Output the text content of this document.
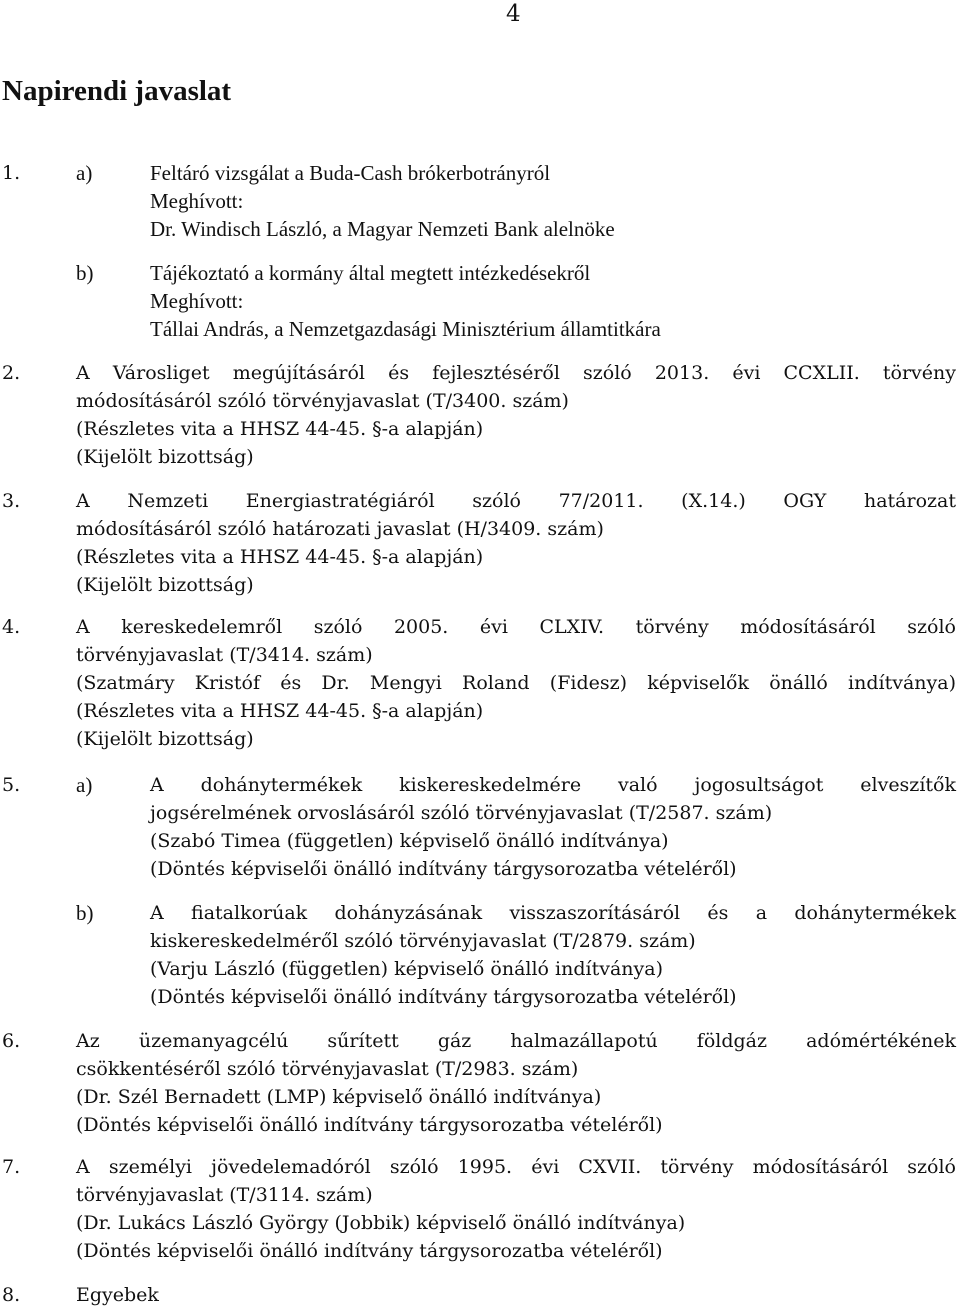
4
Napirendi javaslat
1.	a)	Feltáró vizsgálat a Buda-Cash brókerbotrányról
Meghívott:
Dr. Windisch László, a Magyar Nemzeti Bank alelnöke
b)	Tájékoztató a kormány által megtett intézkedésekről
Meghívott:
Tállai András, a Nemzetgazdasági Minisztérium államtitkára
2.	A Városliget megújításáról és fejlesztéséről szóló 2013. évi CCXLII. törvény
módosításáról szóló törvényjavaslat (T/3400. szám)
(Részletes vita a HHSZ 44-45. §-a alapján)
(Kijelölt bizottság)
3.	A Nemzeti Energiastratégiáról szóló 77/2011. (X.14.) OGY határozat
módosításáról szóló határozati javaslat (H/3409. szám)
(Részletes vita a HHSZ 44-45. §-a alapján)
(Kijelölt bizottság)
4.	A kereskedelemről szóló 2005. évi CLXIV. törvény módosításáról szóló
törvényjavaslat (T/3414. szám)
(Szatmáry Kristóf és Dr. Mengyi Roland (Fidesz) képviselők önálló indítványa)
(Részletes vita a HHSZ 44-45. §-a alapján)
(Kijelölt bizottság)
5.	a)	A dohánytermékek kiskereskedelmére való jogosultságot elveszítők
jogsérelmének orvoslásáról szóló törvényjavaslat (T/2587. szám)
(Szabó Timea (független) képviselő önálló indítványa)
(Döntés képviselői önálló indítvány tárgysorozatba vételéről)
b)	A fiatalkorúak dohányzásának visszaszorításáról és a dohánytermékek
kiskereskedelméről szóló törvényjavaslat (T/2879. szám)
(Varju László (független) képviselő önálló indítványa)
(Döntés képviselői önálló indítvány tárgysorozatba vételéről)
6.	Az üzemanyagcélú sűrített gáz halmazállapotú földgáz adómértékének
csökkentéséről szóló törvényjavaslat (T/2983. szám)
(Dr. Szél Bernadett (LMP) képviselő önálló indítványa)
(Döntés képviselői önálló indítvány tárgysorozatba vételéről)
7.	A személyi jövedelemadóról szóló 1995. évi CXVII. törvény módosításáról szóló
törvényjavaslat (T/3114. szám)
(Dr. Lukács László György (Jobbik) képviselő önálló indítványa)
(Döntés képviselői önálló indítvány tárgysorozatba vételéről)
8.	Egyebek
